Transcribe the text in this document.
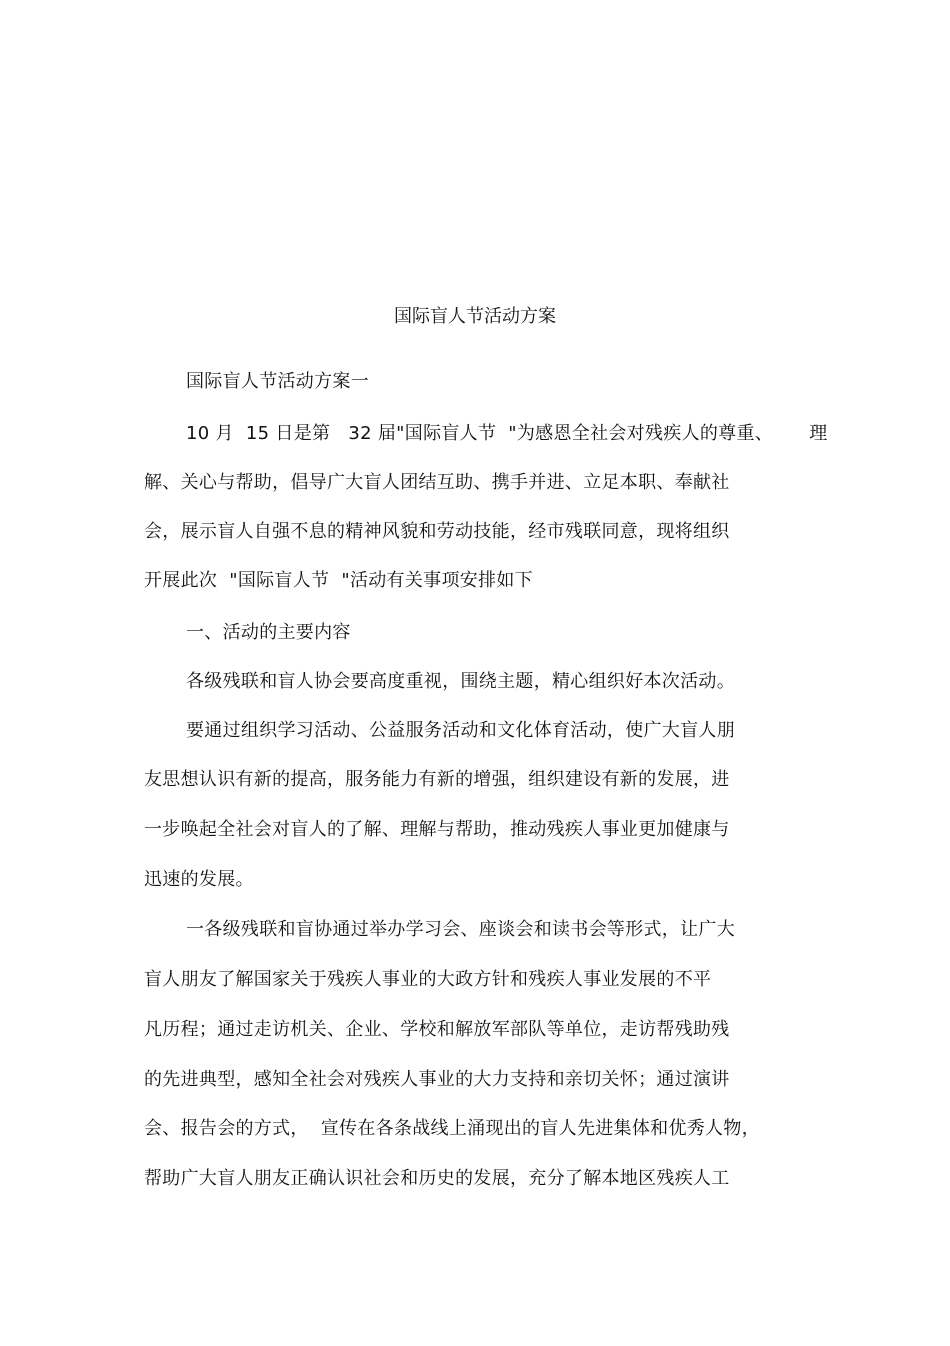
国际盲人节活动方案
国际盲人节活动方案一
10 月  15 日是第   32 届"国际盲人节  "为感恩全社会对残疾人的尊重、      理
解、关心与帮助，倡导广大盲人团结互助、携手并进、立足本职、奉献社
会，展示盲人自强不息的精神风貌和劳动技能，经市残联同意，现将组织
开展此次  "国际盲人节  "活动有关事项安排如下
一、活动的主要内容
各级残联和盲人协会要高度重视，围绕主题，精心组织好本次活动。
要通过组织学习活动、公益服务活动和文化体育活动，使广大盲人朋
友思想认识有新的提高，服务能力有新的增强，组织建设有新的发展，进
一步唤起全社会对盲人的了解、理解与帮助，推动残疾人事业更加健康与
迅速的发展。
一各级残联和盲协通过举办学习会、座谈会和读书会等形式，让广大
盲人朋友了解国家关于残疾人事业的大政方针和残疾人事业发展的不平
凡历程；通过走访机关、企业、学校和解放军部队等单位，走访帮残助残
的先进典型，感知全社会对残疾人事业的大力支持和亲切关怀；通过演讲
会、报告会的方式，  宣传在各条战线上涌现出的盲人先进集体和优秀人物，
帮助广大盲人朋友正确认识社会和历史的发展，充分了解本地区残疾人工
